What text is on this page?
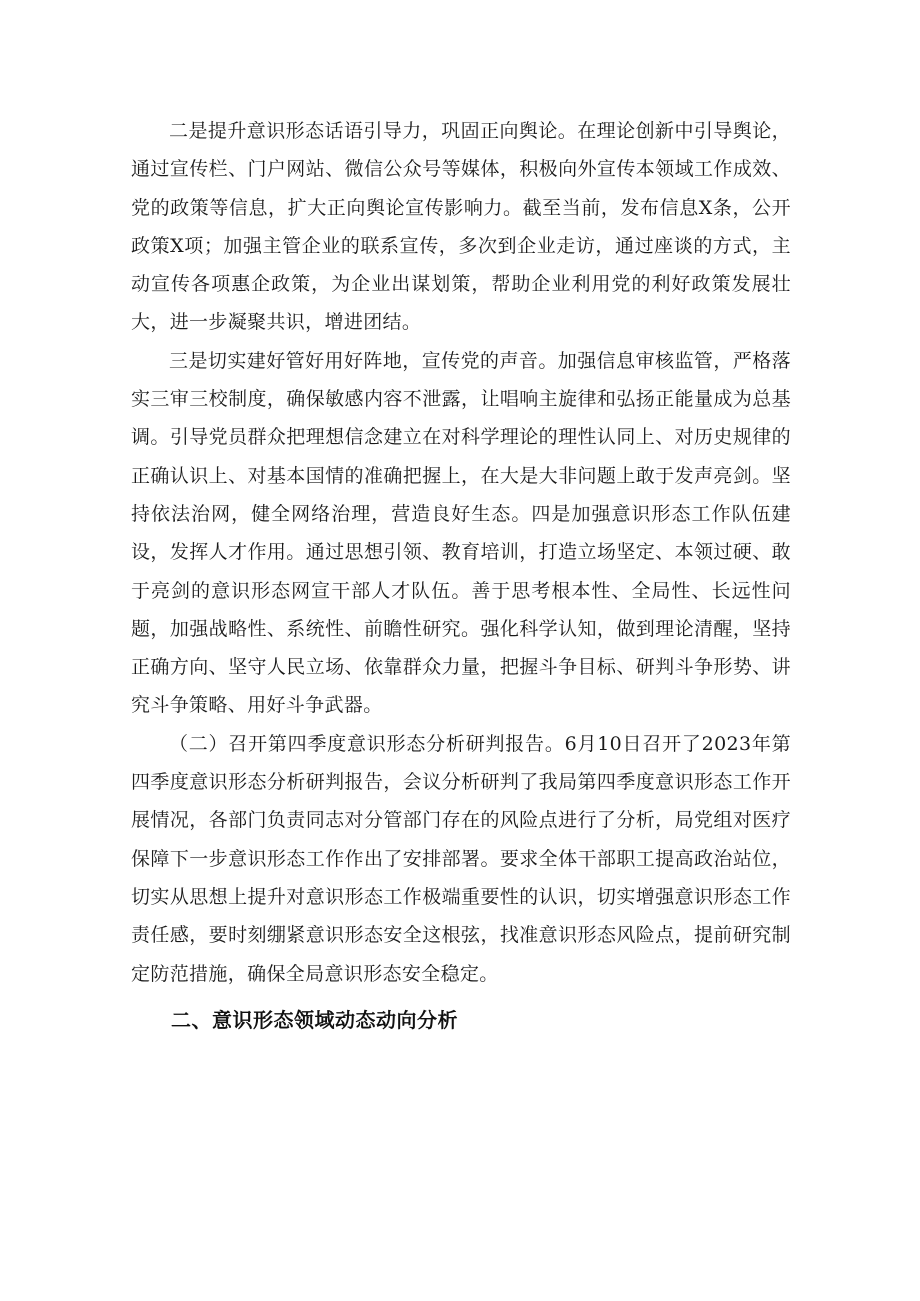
二是提升意识形态话语引导力，巩固正向舆论。在理论创新中引导舆论，通过宣传栏、门户网站、微信公众号等媒体，积极向外宣传本领域工作成效、党的政策等信息，扩大正向舆论宣传影响力。截至当前，发布信息X条，公开政策X项；加强主管企业的联系宣传，多次到企业走访，通过座谈的方式，主动宣传各项惠企政策，为企业出谋划策，帮助企业利用党的利好政策发展壮大，进一步凝聚共识，增进团结。

三是切实建好管好用好阵地，宣传党的声音。加强信息审核监管，严格落实三审三校制度，确保敏感内容不泄露，让唱响主旋律和弘扬正能量成为总基调。引导党员群众把理想信念建立在对科学理论的理性认同上、对历史规律的正确认识上、对基本国情的准确把握上，在大是大非问题上敢于发声亮剑。坚持依法治网，健全网络治理，营造良好生态。四是加强意识形态工作队伍建设，发挥人才作用。通过思想引领、教育培训，打造立场坚定、本领过硬、敢于亮剑的意识形态网宣干部人才队伍。善于思考根本性、全局性、长远性问题，加强战略性、系统性、前瞻性研究。强化科学认知，做到理论清醒，坚持正确方向、坚守人民立场、依靠群众力量，把握斗争目标、研判斗争形势、讲究斗争策略、用好斗争武器。

（二）召开第四季度意识形态分析研判报告。6月10日召开了2023年第四季度意识形态分析研判报告，会议分析研判了我局第四季度意识形态工作开展情况，各部门负责同志对分管部门存在的风险点进行了分析，局党组对医疗保障下一步意识形态工作作出了安排部署。要求全体干部职工提高政治站位，切实从思想上提升对意识形态工作极端重要性的认识，切实增强意识形态工作责任感，要时刻绷紧意识形态安全这根弦，找准意识形态风险点，提前研究制定防范措施，确保全局意识形态安全稳定。

二、意识形态领域动态动向分析
